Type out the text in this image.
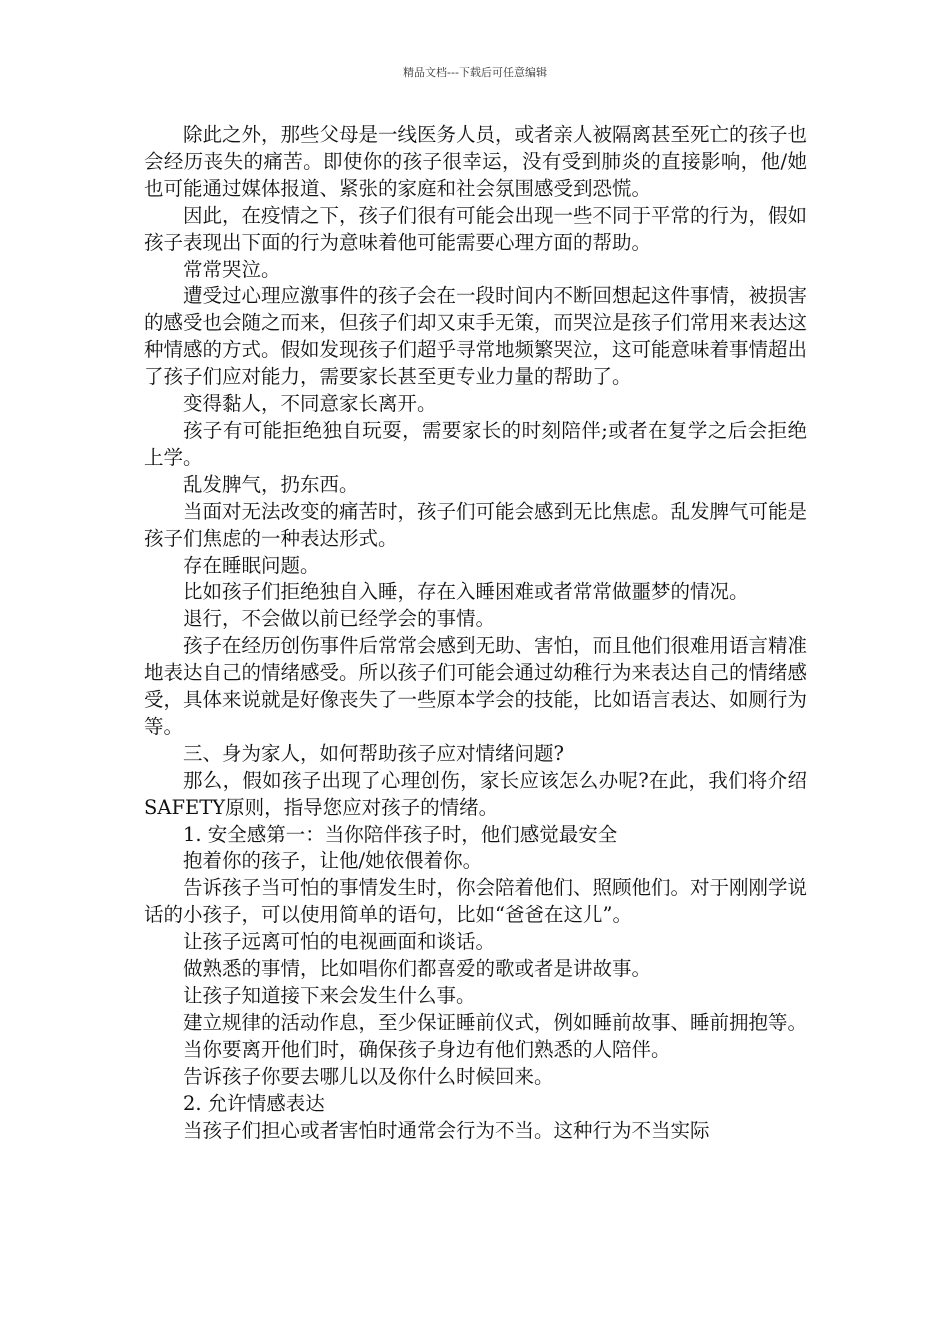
精品文档---下载后可任意编辑

除此之外，那些父母是一线医务人员，或者亲人被隔离甚至死亡的孩子也会经历丧失的痛苦。即使你的孩子很幸运，没有受到肺炎的直接影响，他/她也可能通过媒体报道、紧张的家庭和社会氛围感受到恐慌。

因此，在疫情之下，孩子们很有可能会出现一些不同于平常的行为，假如孩子表现出下面的行为意味着他可能需要心理方面的帮助。

常常哭泣。

遭受过心理应激事件的孩子会在一段时间内不断回想起这件事情，被损害的感受也会随之而来，但孩子们却又束手无策，而哭泣是孩子们常用来表达这种情感的方式。假如发现孩子们超乎寻常地频繁哭泣，这可能意味着事情超出了孩子们应对能力，需要家长甚至更专业力量的帮助了。

变得黏人，不同意家长离开。

孩子有可能拒绝独自玩耍，需要家长的时刻陪伴;或者在复学之后会拒绝上学。

乱发脾气，扔东西。

当面对无法改变的痛苦时，孩子们可能会感到无比焦虑。乱发脾气可能是孩子们焦虑的一种表达形式。

存在睡眠问题。

比如孩子们拒绝独自入睡，存在入睡困难或者常常做噩梦的情况。

退行，不会做以前已经学会的事情。

孩子在经历创伤事件后常常会感到无助、害怕，而且他们很难用语言精准地表达自己的情绪感受。所以孩子们可能会通过幼稚行为来表达自己的情绪感受，具体来说就是好像丧失了一些原本学会的技能，比如语言表达、如厕行为等。

三、身为家人，如何帮助孩子应对情绪问题?

那么，假如孩子出现了心理创伤，家长应该怎么办呢?在此，我们将介绍SAFETY原则，指导您应对孩子的情绪。

1. 安全感第一：当你陪伴孩子时，他们感觉最安全

抱着你的孩子，让他/她依偎着你。

告诉孩子当可怕的事情发生时，你会陪着他们、照顾他们。对于刚刚学说话的小孩子，可以使用简单的语句，比如“爸爸在这儿”。

让孩子远离可怕的电视画面和谈话。

做熟悉的事情，比如唱你们都喜爱的歌或者是讲故事。

让孩子知道接下来会发生什么事。

建立规律的活动作息，至少保证睡前仪式，例如睡前故事、睡前拥抱等。

当你要离开他们时，确保孩子身边有他们熟悉的人陪伴。

告诉孩子你要去哪儿以及你什么时候回来。

2. 允许情感表达

当孩子们担心或者害怕时通常会行为不当。这种行为不当实际
